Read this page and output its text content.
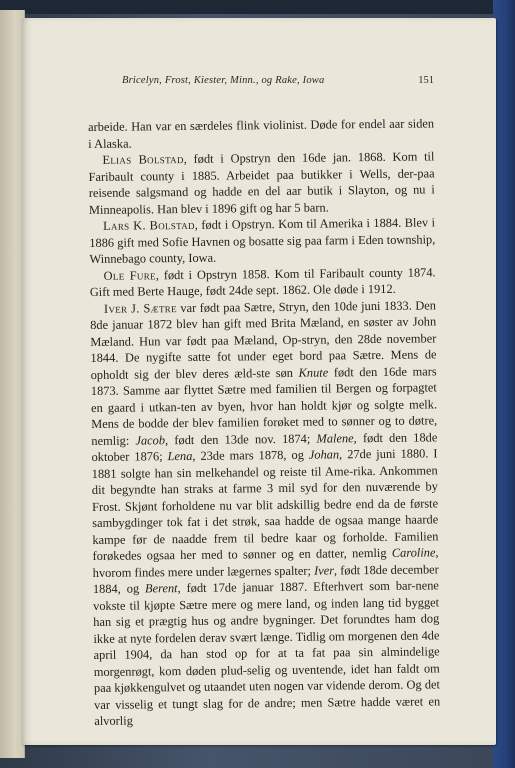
Bricelyn, Frost, Kiester, Minn., og Rake, Iowa	151

arbeide. Han var en særdeles flink violinist. Døde for endel aar siden i Alaska.

Elias Bolstad, født i Opstryn den 16de jan. 1868. Kom til Faribault county i 1885. Arbeidet paa butikker i Wells, der-paa reisende salgsmand og hadde en del aar butik i Slayton, og nu i Minneapolis. Han blev i 1896 gift og har 5 barn.

Lars K. Bolstad, født i Opstryn. Kom til Amerika i 1884. Blev i 1886 gift med Sofie Havnen og bosatte sig paa farm i Eden township, Winnebago county, Iowa.

Ole Fure, født i Opstryn 1858. Kom til Faribault county 1874. Gift med Berte Hauge, født 24de sept. 1862. Ole døde i 1912.

Iver J. Sætre var født paa Sætre, Stryn, den 10de juni 1833. Den 8de januar 1872 blev han gift med Brita Mæland, en søster av John Mæland. Hun var født paa Mæland, Op-stryn, den 28de november 1844. De nygifte satte fot under eget bord paa Sætre. Mens de opholdt sig der blev deres æld-ste søn Knute født den 16de mars 1873. Samme aar flyttet Sætre med familien til Bergen og forpagtet en gaard i utkan-ten av byen, hvor han holdt kjør og solgte melk. Mens de bodde der blev familien forøket med to sønner og to døtre, nemlig: Jacob, født den 13de nov. 1874; Malene, født den 18de oktober 1876; Lena, 23de mars 1878, og Johan, 27de juni 1880. I 1881 solgte han sin melkehandel og reiste til Ame-rika. Ankommen dit begyndte han straks at farme 3 mil syd for den nuværende by Frost. Skjønt forholdene nu var blit adskillig bedre end da de første sambygdinger tok fat i det strøk, saa hadde de ogsaa mange haarde kampe før de naadde frem til bedre kaar og forholde. Familien forøkedes ogsaa her med to sønner og en datter, nemlig Caroline, hvorom findes mere under lægernes spalter; Iver, født 18de december 1884, og Berent, født 17de januar 1887. Efterhvert som bar-nene vokste til kjøpte Sætre mere og mere land, og inden lang tid bygget han sig et prægtig hus og andre bygninger. Det forundtes ham dog ikke at nyte fordelen derav svært længe. Tidlig om morgenen den 4de april 1904, da han stod op for at ta fat paa sin almindelige morgenrøgt, kom døden plud-selig og uventende, idet han faldt om paa kjøkkengulvet og utaandet uten nogen var vidende derom. Og det var visselig et tungt slag for de andre; men Sætre hadde været en alvorlig
